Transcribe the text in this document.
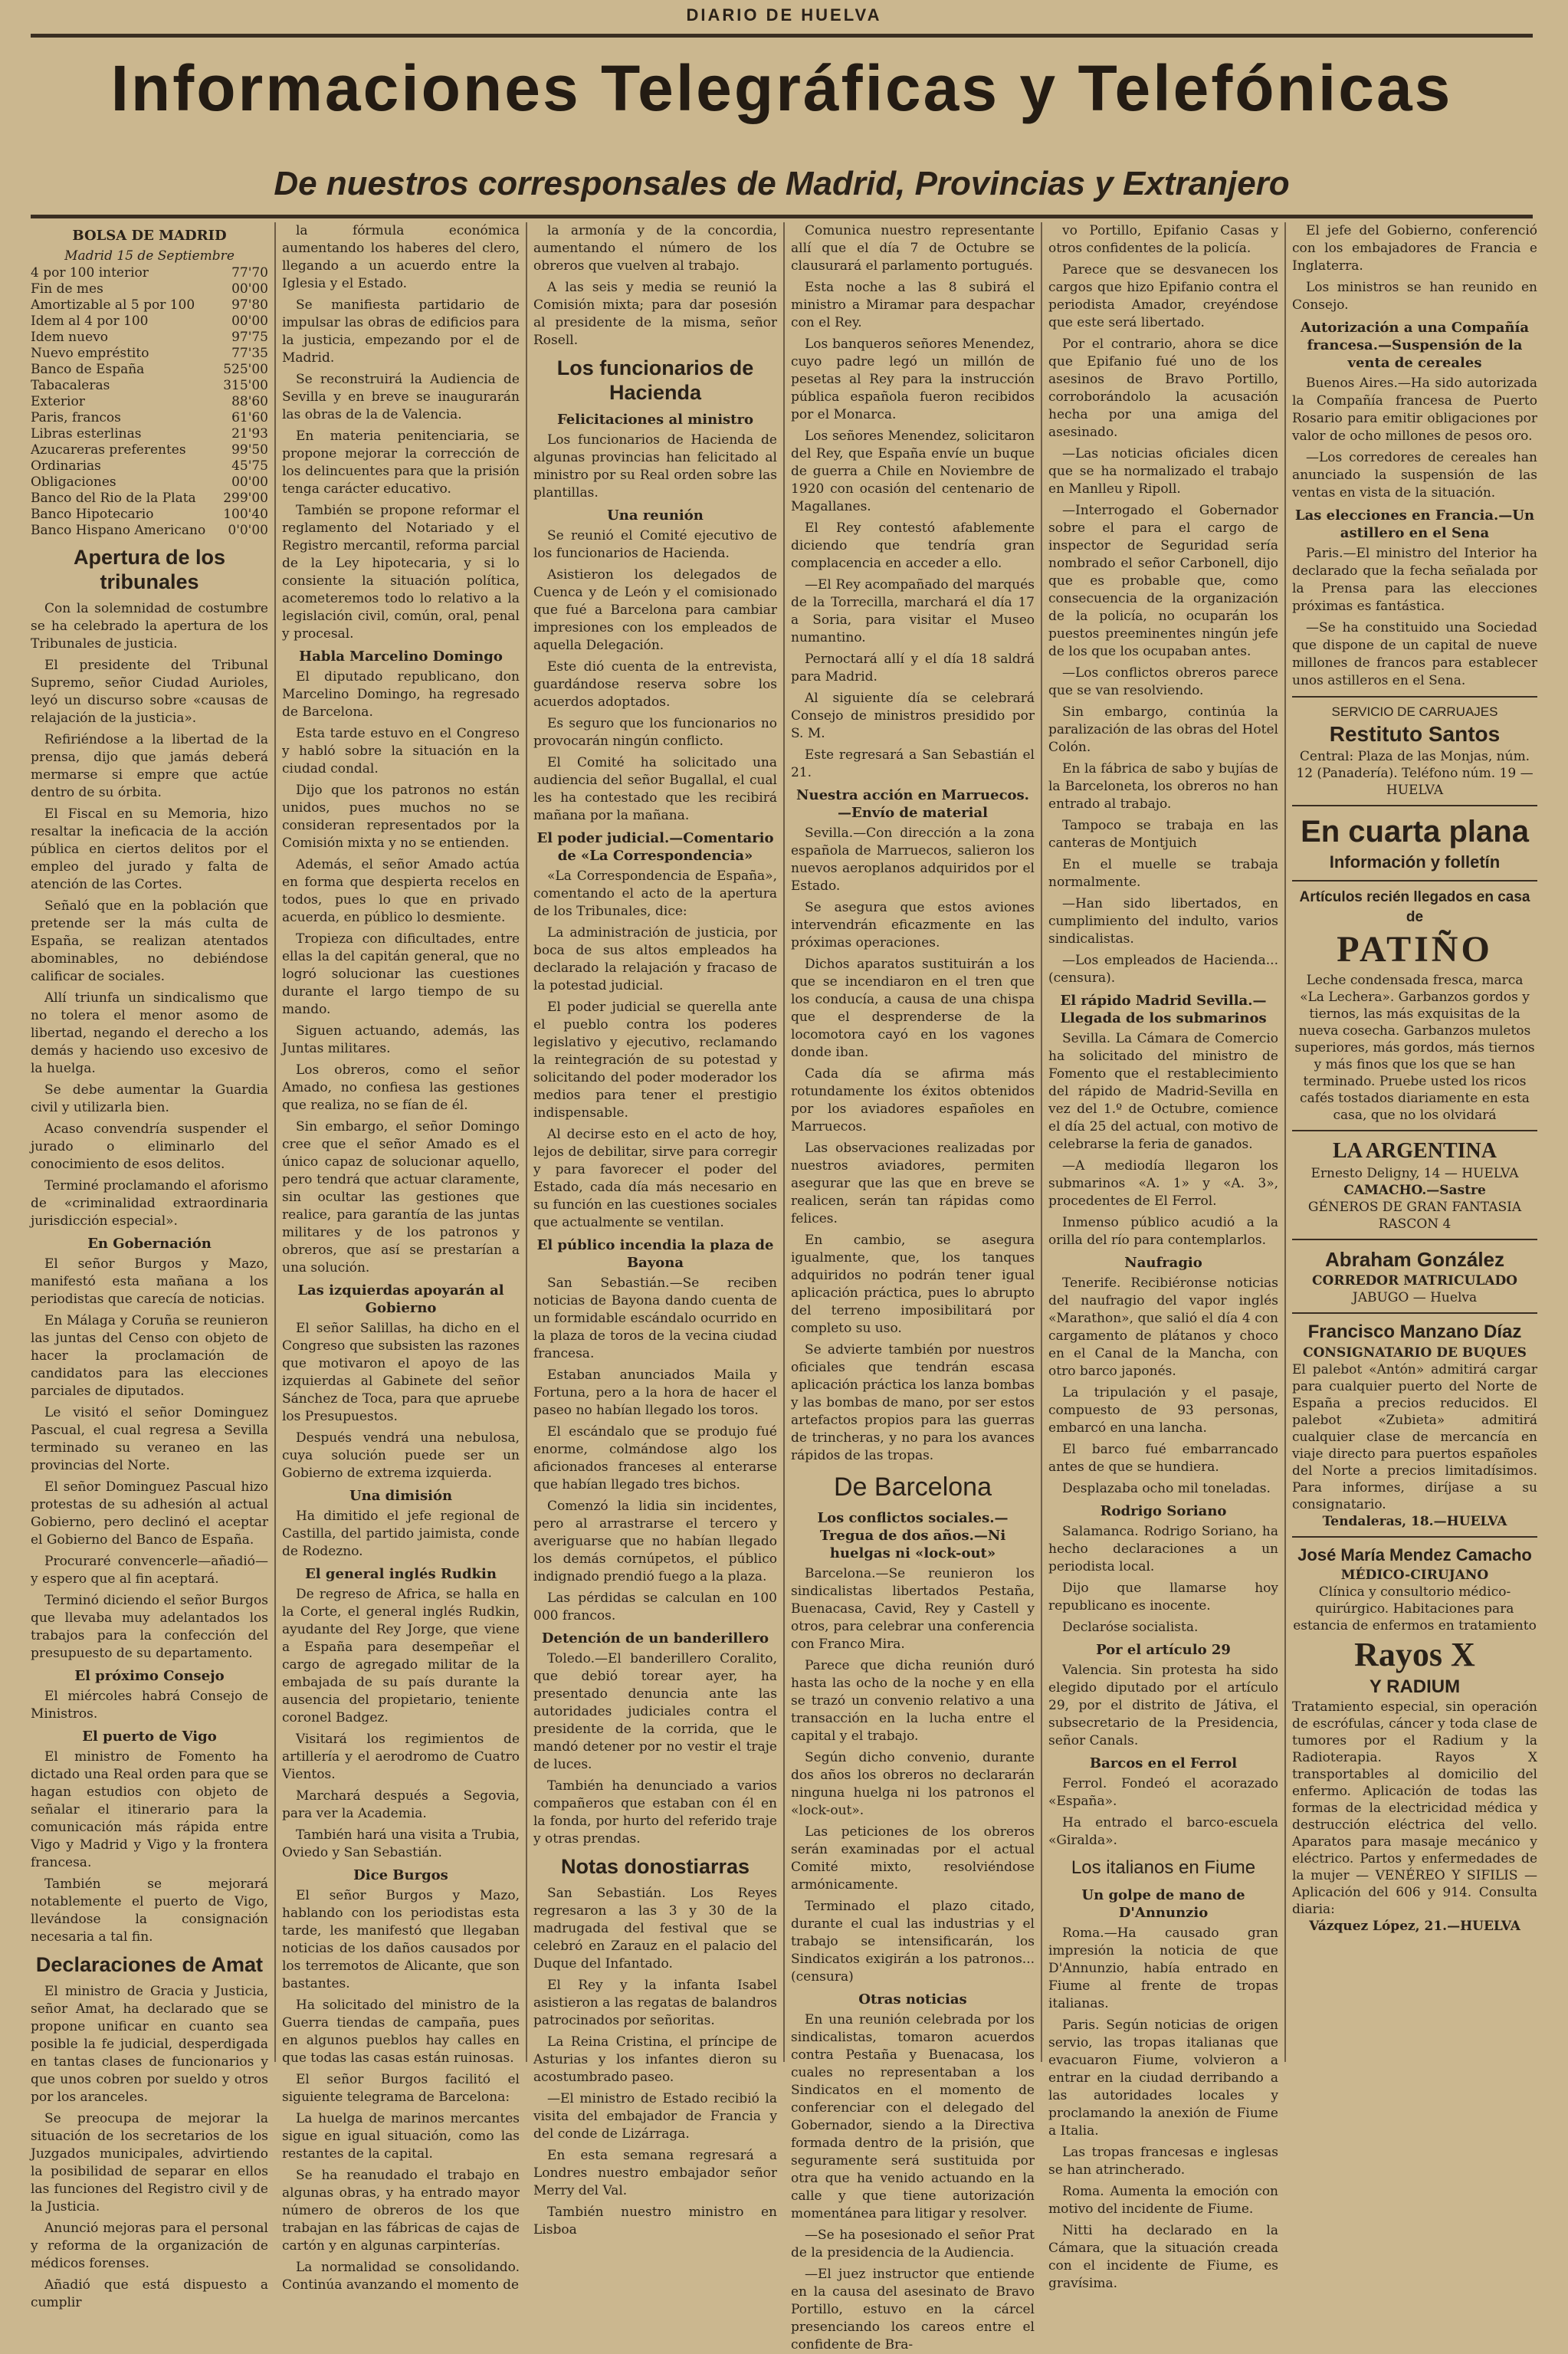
DIARIO DE HUELVA
Informaciones Telegráficas y Telefónicas
De nuestros corresponsales de Madrid, Provincias y Extranjero
BOLSA DE MADRID
Madrid 15 de Septiembre
4 por 100 interior	77'70
Fin de mes	00'00
Amortizable al 5 por 100	97'80
Idem al 4 por 100	00'00
Idem nuevo	97'75
Nuevo empréstito	77'35
Banco de España	525'00
Tabacaleras	315'00
Exterior	88'60
Paris, francos	61'60
Libras esterlinas	21'93
Azucareras preferentes	99'50
Ordinarias	45'75
Obligaciones	00'00
Banco del Rio de la Plata	299'00
Banco Hipotecario	100'40
Banco Hispano Americano	0'0'00
Apertura de los tribunales

Con la solemnidad de costumbre se ha celebrado la apertura de los Tribunales de justicia.

El presidente del Tribunal Supremo, señor Ciudad Aurioles, leyó un discurso sobre «causas de relajación de la justicia».

Refiriéndose a la libertad de la prensa, dijo que jamás deberá mermarse si empre que actúe dentro de su órbita.

El Fiscal en su Memoria, hizo resaltar la ineficacia de la acción pública en ciertos delitos por el empleo del jurado y falta de atención de las Cortes.

Señaló que en la población que pretende ser la más culta de España, se realizan atentados abominables, no debiéndose calificar de sociales.

Allí triunfa un sindicalismo que no tolera el menor asomo de libertad, negando el derecho a los demás y haciendo uso excesivo de la huelga.

Se debe aumentar la Guardia civil y utilizarla bien.

Acaso convendría suspender el jurado o eliminarlo del conocimiento de esos delitos.

Terminé proclamando el aforismo de «criminalidad extraordinaria jurisdicción especial».

En Gobernación

El señor Burgos y Mazo, manifestó esta mañana a los periodistas que carecía de noticias.

En Málaga y Coruña se reunieron las juntas del Censo con objeto de hacer la proclamación de candidatos para las elecciones parciales de diputados.

Le visitó el señor Dominguez Pascual, el cual regresa a Sevilla terminado su veraneo en las provincias del Norte.

El señor Dominguez Pascual hizo protestas de su adhesión al actual Gobierno, pero declinó el aceptar el Gobierno del Banco de España.

Procuraré convencerle—añadió—y espero que al fin aceptará.

Terminó diciendo el señor Burgos que llevaba muy adelantados los trabajos para la confección del presupuesto de su departamento.

El próximo Consejo

El miércoles habrá Consejo de Ministros.

El puerto de Vigo

El ministro de Fomento ha dictado una Real orden para que se hagan estudios con objeto de señalar el itinerario para la comunicación más rápida entre Vigo y Madrid y Vigo y la frontera francesa.

También se mejorará notablemente el puerto de Vigo, llevándose la consignación necesaria a tal fin.

Declaraciones de Amat

El ministro de Gracia y Justicia, señor Amat, ha declarado que se propone unificar en cuanto sea posible la fe judicial, desperdigada en tantas clases de funcionarios y que unos cobren por sueldo y otros por los aranceles.

Se preocupa de mejorar la situación de los secretarios de los Juzgados municipales, advirtiendo la posibilidad de separar en ellos las funciones del Registro civil y de la Justicia.

Anunció mejoras para el personal y reforma de la organización de médicos forenses.

Añadió que está dispuesto a cumplir

la fórmula económica aumentando los haberes del clero, llegando a un acuerdo entre la Iglesia y el Estado.

Se manifiesta partidario de impulsar las obras de edificios para la justicia, empezando por el de Madrid.

Se reconstruirá la Audiencia de Sevilla y en breve se inaugurarán las obras de la de Valencia.

En materia penitenciaria, se propone mejorar la corrección de los delincuentes para que la prisión tenga carácter educativo.

También se propone reformar el reglamento del Notariado y el Registro mercantil, reforma parcial de la Ley hipotecaria, y si lo consiente la situación política, acometeremos todo lo relativo a la legislación civil, común, oral, penal y procesal.

Habla Marcelino Domingo

El diputado republicano, don Marcelino Domingo, ha regresado de Barcelona.

Esta tarde estuvo en el Congreso y habló sobre la situación en la ciudad condal.

Dijo que los patronos no están unidos, pues muchos no se consideran representados por la Comisión mixta y no se entienden.

Además, el señor Amado actúa en forma que despierta recelos en todos, pues lo que en privado acuerda, en público lo desmiente.

Tropieza con dificultades, entre ellas la del capitán general, que no logró solucionar las cuestiones durante el largo tiempo de su mando.

Siguen actuando, además, las Juntas militares.

Los obreros, como el señor Amado, no confiesa las gestiones que realiza, no se fían de él.

Sin embargo, el señor Domingo cree que el señor Amado es el único capaz de solucionar aquello, pero tendrá que actuar claramente, sin ocultar las gestiones que realice, para garantía de las juntas militares y de los patronos y obreros, que así se prestarían a una solución.

Las izquierdas apoyarán al Gobierno

El señor Salillas, ha dicho en el Congreso que subsisten las razones que motivaron el apoyo de las izquierdas al Gabinete del señor Sánchez de Toca, para que apruebe los Presupuestos.

Después vendrá una nebulosa, cuya solución puede ser un Gobierno de extrema izquierda.

Una dimisión

Ha dimitido el jefe regional de Castilla, del partido jaimista, conde de Rodezno.

El general inglés Rudkin

De regreso de Africa, se halla en la Corte, el general inglés Rudkin, ayudante del Rey Jorge, que viene a España para desempeñar el cargo de agregado militar de la embajada de su país durante la ausencia del propietario, teniente coronel Badgez.

Visitará los regimientos de artillería y el aerodromo de Cuatro Vientos.

Marchará después a Segovia, para ver la Academia.

También hará una visita a Trubia, Oviedo y San Sebastián.

Dice Burgos

El señor Burgos y Mazo, hablando con los periodistas esta tarde, les manifestó que llegaban noticias de los daños causados por los terremotos de Alicante, que son bastantes.

Ha solicitado del ministro de la Guerra tiendas de campaña, pues en algunos pueblos hay calles en que todas las casas están ruinosas.

El señor Burgos facilitó el siguiente telegrama de Barcelona:

La huelga de marinos mercantes sigue en igual situación, como las restantes de la capital.

Se ha reanudado el trabajo en algunas obras, y ha entrado mayor número de obreros de los que trabajan en las fábricas de cajas de cartón y en algunas carpinterías.

La normalidad se consolidando. Continúa avanzando el momento de

la armonía y de la concordia, aumentando el número de los obreros que vuelven al trabajo.

A las seis y media se reunió la Comisión mixta; para dar posesión al presidente de la misma, señor Rosell.

Los funcionarios de Hacienda
Felicitaciones al ministro

Los funcionarios de Hacienda de algunas provincias han felicitado al ministro por su Real orden sobre las plantillas.

Una reunión

Se reunió el Comité ejecutivo de los funcionarios de Hacienda.

Asistieron los delegados de Cuenca y de León y el comisionado que fué a Barcelona para cambiar impresiones con los empleados de aquella Delegación.

Este dió cuenta de la entrevista, guardándose reserva sobre los acuerdos adoptados.

Es seguro que los funcionarios no provocarán ningún conflicto.

El Comité ha solicitado una audiencia del señor Bugallal, el cual les ha contestado que les recibirá mañana por la mañana.

El poder judicial.—Comentario de «La Correspondencia»

«La Correspondencia de España», comentando el acto de la apertura de los Tribunales, dice:

La administración de justicia, por boca de sus altos empleados ha declarado la relajación y fracaso de la potestad judicial.

El poder judicial se querella ante el pueblo contra los poderes legislativo y ejecutivo, reclamando la reintegración de su potestad y solicitando del poder moderador los medios para tener el prestigio indispensable.

Al decirse esto en el acto de hoy, lejos de debilitar, sirve para corregir y para favorecer el poder del Estado, cada día más necesario en su función en las cuestiones sociales que actualmente se ventilan.

El público incendia la plaza de Bayona

San Sebastián.—Se reciben noticias de Bayona dando cuenta de un formidable escándalo ocurrido en la plaza de toros de la vecina ciudad francesa.

Estaban anunciados Maila y Fortuna, pero a la hora de hacer el paseo no habían llegado los toros.

El escándalo que se produjo fué enorme, colmándose algo los aficionados franceses al enterarse que habían llegado tres bichos.

Comenzó la lidia sin incidentes, pero al arrastrarse el tercero y averiguarse que no habían llegado los demás cornúpetos, el público indignado prendió fuego a la plaza.

Las pérdidas se calculan en 100 000 francos.

Detención de un banderillero

Toledo.—El banderillero Coralito, que debió torear ayer, ha presentado denuncia ante las autoridades judiciales contra el presidente de la corrida, que le mandó detener por no vestir el traje de luces.

También ha denunciado a varios compañeros que estaban con él en la fonda, por hurto del referido traje y otras prendas.

Notas donostiarras

San Sebastián. Los Reyes regresaron a las 3 y 30 de la madrugada del festival que se celebró en Zarauz en el palacio del Duque del Infantado.

El Rey y la infanta Isabel asistieron a las regatas de balandros patrocinados por señoritas.

La Reina Cristina, el príncipe de Asturias y los infantes dieron su acostumbrado paseo.

—El ministro de Estado recibió la visita del embajador de Francia y del conde de Lizárraga.

En esta semana regresará a Londres nuestro embajador señor Merry del Val.

También nuestro ministro en Lisboa

Comunica nuestro representante allí que el día 7 de Octubre se clausurará el parlamento portugués.

Esta noche a las 8 subirá el ministro a Miramar para despachar con el Rey.

Los banqueros señores Menendez, cuyo padre legó un millón de pesetas al Rey para la instrucción pública española fueron recibidos por el Monarca.

Los señores Menendez, solicitaron del Rey, que España envíe un buque de guerra a Chile en Noviembre de 1920 con ocasión del centenario de Magallanes.

El Rey contestó afablemente diciendo que tendría gran complacencia en acceder a ello.

—El Rey acompañado del marqués de la Torrecilla, marchará el día 17 a Soria, para visitar el Museo numantino.

Pernoctará allí y el día 18 saldrá para Madrid.

Al siguiente día se celebrará Consejo de ministros presidido por S. M.

Este regresará a San Sebastián el 21.

Nuestra acción en Marruecos.—Envío de material

Sevilla.—Con dirección a la zona española de Marruecos, salieron los nuevos aeroplanos adquiridos por el Estado.

Se asegura que estos aviones intervendrán eficazmente en las próximas operaciones.

Dichos aparatos sustituirán a los que se incendiaron en el tren que los conducía, a causa de una chispa que el desprenderse de la locomotora cayó en los vagones donde iban.

Cada día se afirma más rotundamente los éxitos obtenidos por los aviadores españoles en Marruecos.

Las observaciones realizadas por nuestros aviadores, permiten asegurar que las que en breve se realicen, serán tan rápidas como felices.

En cambio, se asegura igualmente, que, los tanques adquiridos no podrán tener igual aplicación práctica, pues lo abrupto del terreno imposibilitará por completo su uso.

Se advierte también por nuestros oficiales que tendrán escasa aplicación práctica los lanza bombas y las bombas de mano, por ser estos artefactos propios para las guerras de trincheras, y no para los avances rápidos de las tropas.

De Barcelona
Los conflictos sociales.—Tregua de dos años.—Ni huelgas ni «lock-out»

Barcelona.—Se reunieron los sindicalistas libertados Pestaña, Buenacasa, Cavid, Rey y Castell y otros, para celebrar una conferencia con Franco Mira.

Parece que dicha reunión duró hasta las ocho de la noche y en ella se trazó un convenio relativo a una transacción en la lucha entre el capital y el trabajo.

Según dicho convenio, durante dos años los obreros no declararán ninguna huelga ni los patronos el «lock-out».

Las peticiones de los obreros serán examinadas por el actual Comité mixto, resolviéndose armónicamente.

Terminado el plazo citado, durante el cual las industrias y el trabajo se intensificarán, los Sindicatos exigirán a los patronos... (censura)

Otras noticias

En una reunión celebrada por los sindicalistas, tomaron acuerdos contra Pestaña y Buenacasa, los cuales no representaban a los Sindicatos en el momento de conferenciar con el delegado del Gobernador, siendo a la Directiva formada dentro de la prisión, que seguramente será sustituida por otra que ha venido actuando en la calle y que tiene autorización momentánea para litigar y resolver.

—Se ha posesionado el señor Prat de la presidencia de la Audiencia.

—El juez instructor que entiende en la causa del asesinato de Bravo Portillo, estuvo en la cárcel presenciando los careos entre el confidente de Bra-

vo Portillo, Epifanio Casas y otros confidentes de la policía.

Parece que se desvanecen los cargos que hizo Epifanio contra el periodista Amador, creyéndose que este será libertado.

Por el contrario, ahora se dice que Epifanio fué uno de los asesinos de Bravo Portillo, corroborándolo la acusación hecha por una amiga del asesinado.

—Las noticias oficiales dicen que se ha normalizado el trabajo en Manlleu y Ripoll.

—Interrogado el Gobernador sobre el para el cargo de inspector de Seguridad sería nombrado el señor Carbonell, dijo que es probable que, como consecuencia de la organización de la policía, no ocuparán los puestos preeminentes ningún jefe de los que los ocupaban antes.

—Los conflictos obreros parece que se van resolviendo.

Sin embargo, continúa la paralización de las obras del Hotel Colón.

En la fábrica de sabo y bujías de la Barceloneta, los obreros no han entrado al trabajo.

Tampoco se trabaja en las canteras de Montjuich

En el muelle se trabaja normalmente.

—Han sido libertados, en cumplimiento del indulto, varios sindicalistas.

—Los empleados de Hacienda... (censura).

El rápido Madrid Sevilla.—Llegada de los submarinos

Sevilla. La Cámara de Comercio ha solicitado del ministro de Fomento que el restablecimiento del rápido de Madrid-Sevilla en vez del 1.º de Octubre, comience el día 25 del actual, con motivo de celebrarse la feria de ganados.

—A mediodía llegaron los submarinos «A. 1» y «A. 3», procedentes de El Ferrol.

Inmenso público acudió a la orilla del río para contemplarlos.

Naufragio

Tenerife. Recibiéronse noticias del naufragio del vapor inglés «Marathon», que salió el día 4 con cargamento de plátanos y choco en el Canal de la Mancha, con otro barco japonés.

La tripulación y el pasaje, compuesto de 93 personas, embarcó en una lancha.

El barco fué embarrancado antes de que se hundiera.

Desplazaba ocho mil toneladas.

Rodrigo Soriano

Salamanca. Rodrigo Soriano, ha hecho declaraciones a un periodista local.

Dijo que llamarse hoy republicano es inocente.

Declaróse socialista.

Por el artículo 29

Valencia. Sin protesta ha sido elegido diputado por el artículo 29, por el distrito de Játiva, el subsecretario de la Presidencia, señor Canals.

Barcos en el Ferrol

Ferrol. Fondeó el acorazado «España».

Ha entrado el barco-escuela «Giralda».

Los italianos en Fiume
Un golpe de mano de D'Annunzio

Roma.—Ha causado gran impresión la noticia de que D'Annunzio, había entrado en Fiume al frente de tropas italianas.

Paris. Según noticias de origen servio, las tropas italianas que evacuaron Fiume, volvieron a entrar en la ciudad derribando a las autoridades locales y proclamando la anexión de Fiume a Italia.

Las tropas francesas e inglesas se han atrincherado.

Roma. Aumenta la emoción con motivo del incidente de Fiume.

Nitti ha declarado en la Cámara, que la situación creada con el incidente de Fiume, es gravísima.

El jefe del Gobierno, conferenció con los embajadores de Francia e Inglaterra.

Los ministros se han reunido en Consejo.

Autorización a una Compañía francesa.—Suspensión de la venta de cereales

Buenos Aires.—Ha sido autorizada la Compañía francesa de Puerto Rosario para emitir obligaciones por valor de ocho millones de pesos oro.

—Los corredores de cereales han anunciado la suspensión de las ventas en vista de la situación.

Las elecciones en Francia.—Un astillero en el Sena

Paris.—El ministro del Interior ha declarado que la fecha señalada por la Prensa para las elecciones próximas es fantástica.

—Se ha constituido una Sociedad que dispone de un capital de nueve millones de francos para establecer unos astilleros en el Sena.

SERVICIO DE CARRUAJES
Restituto Santos
Central: Plaza de las Monjas, núm. 12 (Panadería). Teléfono núm. 19 — HUELVA
En cuarta plana
Información y folletín
Artículos recién llegados en casa de
PATIÑO
Leche condensada fresca, marca «La Lechera». Garbanzos gordos y tiernos, las más exquisitas de la nueva cosecha. Garbanzos muletos superiores, más gordos, más tiernos y más finos que los que se han terminado. Pruebe usted los ricos cafés tostados diariamente en esta casa, que no los olvidará
LA ARGENTINA
Ernesto Deligny, 14 — HUELVA
CAMACHO.—Sastre
GÉNEROS DE GRAN FANTASIA
RASCON 4
Abraham González
CORREDOR MATRICULADO
JABUGO — Huelva
Francisco Manzano Díaz
CONSIGNATARIO DE BUQUES
El palebot «Antón» admitirá cargar para cualquier puerto del Norte de España a precios reducidos. El palebot «Zubieta» admitirá cualquier clase de mercancía en viaje directo para puertos españoles del Norte a precios limitadísimos. Para informes, diríjase a su consignatario.
Tendaleras, 18.—HUELVA
José María Mendez Camacho
MÉDICO-CIRUJANO
Clínica y consultorio médico-quirúrgico. Habitaciones para estancia de enfermos en tratamiento
Rayos X
Y RADIUM
Tratamiento especial, sin operación de escrófulas, cáncer y toda clase de tumores por el Radium y la Radioterapia. Rayos X transportables al domicilio del enfermo. Aplicación de todas las formas de la electricidad médica y destrucción eléctrica del vello. Aparatos para masaje mecánico y eléctrico. Partos y enfermedades de la mujer — VENÉREO Y SIFILIS — Aplicación del 606 y 914. Consulta diaria:
Vázquez López, 21.—HUELVA
